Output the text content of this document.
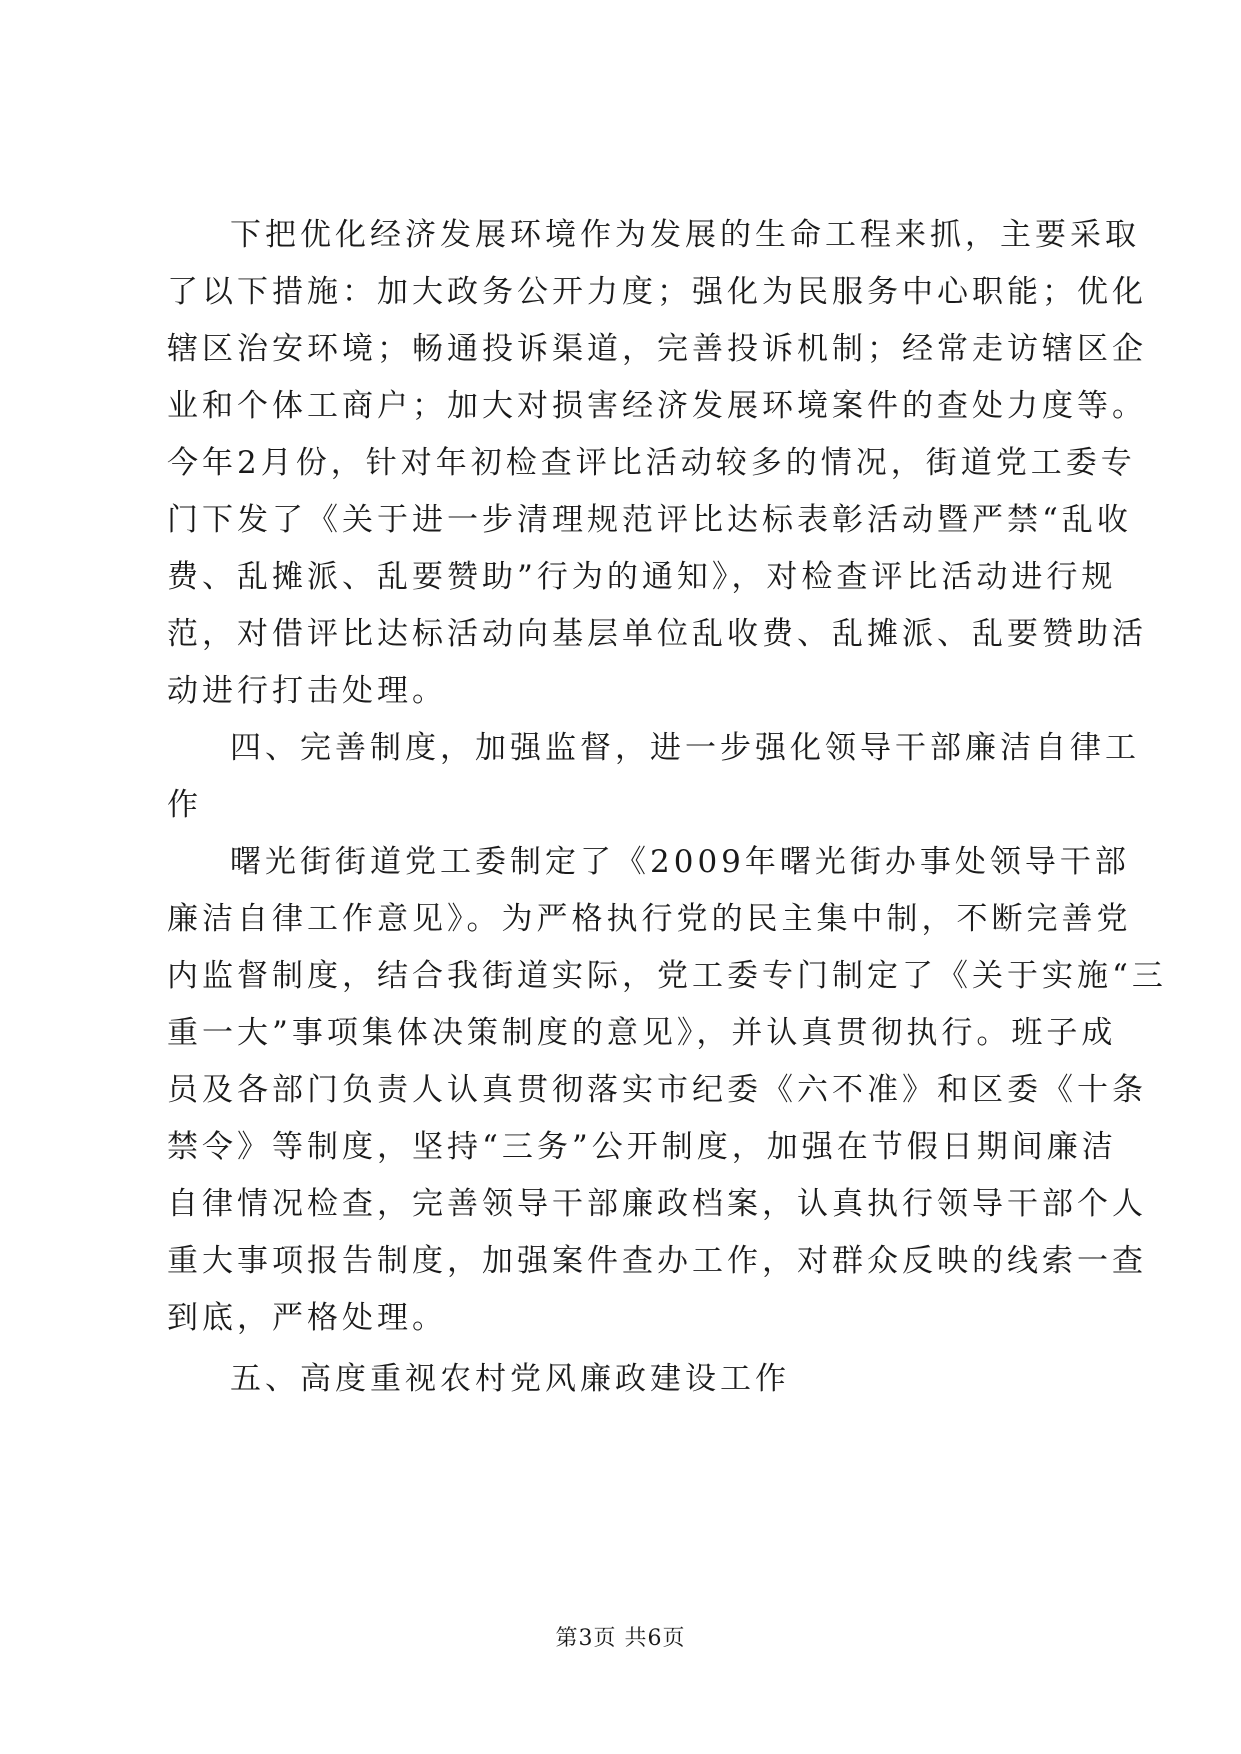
下把优化经济发展环境作为发展的生命工程来抓，主要采取
了以下措施：加大政务公开力度；强化为民服务中心职能；优化
辖区治安环境；畅通投诉渠道，完善投诉机制；经常走访辖区企
业和个体工商户；加大对损害经济发展环境案件的查处力度等。
今年2月份，针对年初检查评比活动较多的情况，街道党工委专
门下发了《关于进一步清理规范评比达标表彰活动暨严禁“乱收
费、乱摊派、乱要赞助”行为的通知》，对检查评比活动进行规
范，对借评比达标活动向基层单位乱收费、乱摊派、乱要赞助活
动进行打击处理。
四、完善制度，加强监督，进一步强化领导干部廉洁自律工
作
曙光街街道党工委制定了《2009年曙光街办事处领导干部
廉洁自律工作意见》。为严格执行党的民主集中制，不断完善党
内监督制度，结合我街道实际，党工委专门制定了《关于实施“三
重一大”事项集体决策制度的意见》，并认真贯彻执行。班子成
员及各部门负责人认真贯彻落实市纪委《六不准》和区委《十条
禁令》等制度，坚持“三务”公开制度，加强在节假日期间廉洁
自律情况检查，完善领导干部廉政档案，认真执行领导干部个人
重大事项报告制度，加强案件查办工作，对群众反映的线索一查
到底，严格处理。
五、高度重视农村党风廉政建设工作
第3页 共6页
